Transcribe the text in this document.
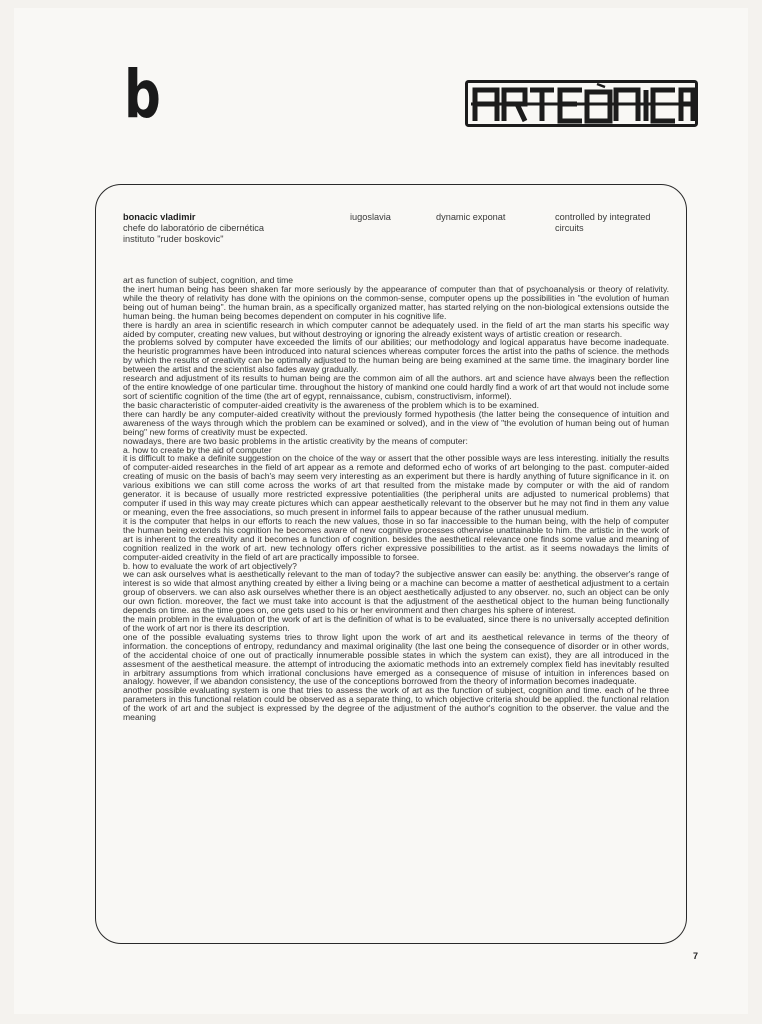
b
bonacic vladimir
chefe do laboratório de cibernética
instituto "ruder boskovic"
iugoslavia	dynamic exponat	controlled by integrated circuits

art as function of subject, cognition, and time

the inert human being has been shaken far more seriously by the appearance of computer than that of psychoanalysis or theory of relativity. while the theory of relativity has done with the opinions on the common-sense, computer opens up the possibilities in "the evolution of human being out of human being". the human brain, as a specifically organized matter, has started relying on the non-biological extensions outside the human being. the human being becomes dependent on computer in his cognitive life.

there is hardly an area in scientific research in which computer cannot be adequately used. in the field of art the man starts his specific way aided by computer, creating new values, but without destroying or ignoring the already existent ways of artistic creation or research.

the problems solved by computer have exceeded the limits of our abilities; our methodology and logical apparatus have become inadequate. the heuristic programmes have been introduced into natural sciences whereas computer forces the artist into the paths of science. the methods by which the results of creativity can be optimally adjusted to the human being are being examined at the same time. the imaginary border line between the artist and the scientist also fades away gradually.

research and adjustment of its results to human being are the common aim of all the authors. art and science have always been the reflection of the entire knowledge of one particular time. throughout the history of mankind one could hardly find a work of art that would not include some sort of scientific cognition of the time (the art of egypt, rennaissance, cubism, constructivism, informel).

the basic characteristic of computer-aided creativity is the awareness of the problem which is to be examined.

there can hardly be any computer-aided creativity without the previously formed hypothesis (the latter being the consequence of intuition and awareness of the ways through which the problem can be examined or solved), and in the view of "the evolution of human being out of human being" new forms of creativity must be expected.

nowadays, there are two basic problems in the artistic creativity by the means of computer:

a. how to create by the aid of computer

it is difficult to make a definite suggestion on the choice of the way or assert that the other possible ways are less interesting. initially the results of computer-aided researches in the field of art appear as a remote and deformed echo of works of art belonging to the past. computer-aided creating of music on the basis of bach's may seem very interesting as an experiment but there is hardly anything of future significance in it. on various exibitions we can still come across the works of art that resulted from the mistake made by computer or with the aid of random generator. it is because of usually more restricted expressive potentialities (the peripheral units are adjusted to numerical problems) that computer if used in this way may create pictures which can appear aesthetically relevant to the observer but he may not find in them any value or meaning, even the free associations, so much present in informel fails to appear because of the rather unusual medium.

it is the computer that helps in our efforts to reach the new values, those in so far inaccessible to the human being, with the help of computer the human being extends his cognition he becomes aware of new cognitive processes otherwise unattainable to him. the artistic in the work of art is inherent to the creativity and it becomes a function of cognition. besides the aesthetical relevance one finds some value and meaning of cognition realized in the work of art. new technology offers richer expressive possibilities to the artist. as it seems nowadays the limits of computer-aided creativity in the field of art are practically impossible to forsee.

b. how to evaluate the work of art objectively?

we can ask ourselves what is aesthetically relevant to the man of today? the subjective answer can easily be: anything. the observer's range of interest is so wide that almost anything created by either a living being or a machine can become a matter of aesthetical adjustment to a certain group of observers. we can also ask ourselves whether there is an object aesthetically adjusted to any observer. no, such an object can be only our own fiction. moreover, the fact we must take into account is that the adjustment of the aesthetical object to the human being functionally depends on time. as the time goes on, one gets used to his or her environment and then charges his sphere of interest.

the main problem in the evaluation of the work of art is the definition of what is to be evaluated, since there is no universally accepted definition of the work of art nor is there its description.

one of the possible evaluating systems tries to throw light upon the work of art and its aesthetical relevance in terms of the theory of information. the conceptions of entropy, redundancy and maximal originality (the last one being the consequence of disorder or in other words, of the accidental choice of one out of practically innumerable possible states in which the system can exist), they are all introduced in the assesment of the aesthetical measure. the attempt of introducing the axiomatic methods into an extremely complex field has inevitably resulted in arbitrary assumptions from which irrational conclusions have emerged as a consequence of misuse of intuition in inferences based on analogy. however, if we abandon consistency, the use of the conceptions borrowed from the theory of information becomes inadequate.

another possible evaluating system is one that tries to assess the work of art as the function of subject, cognition and time. each of he three parameters in this functional relation could be observed as a separate thing, to which objective criteria should be applied. the functional relation of the work of art and the subject is expressed by the degree of the adjustment of the author's cognition to the observer. the value and the meaning

7
